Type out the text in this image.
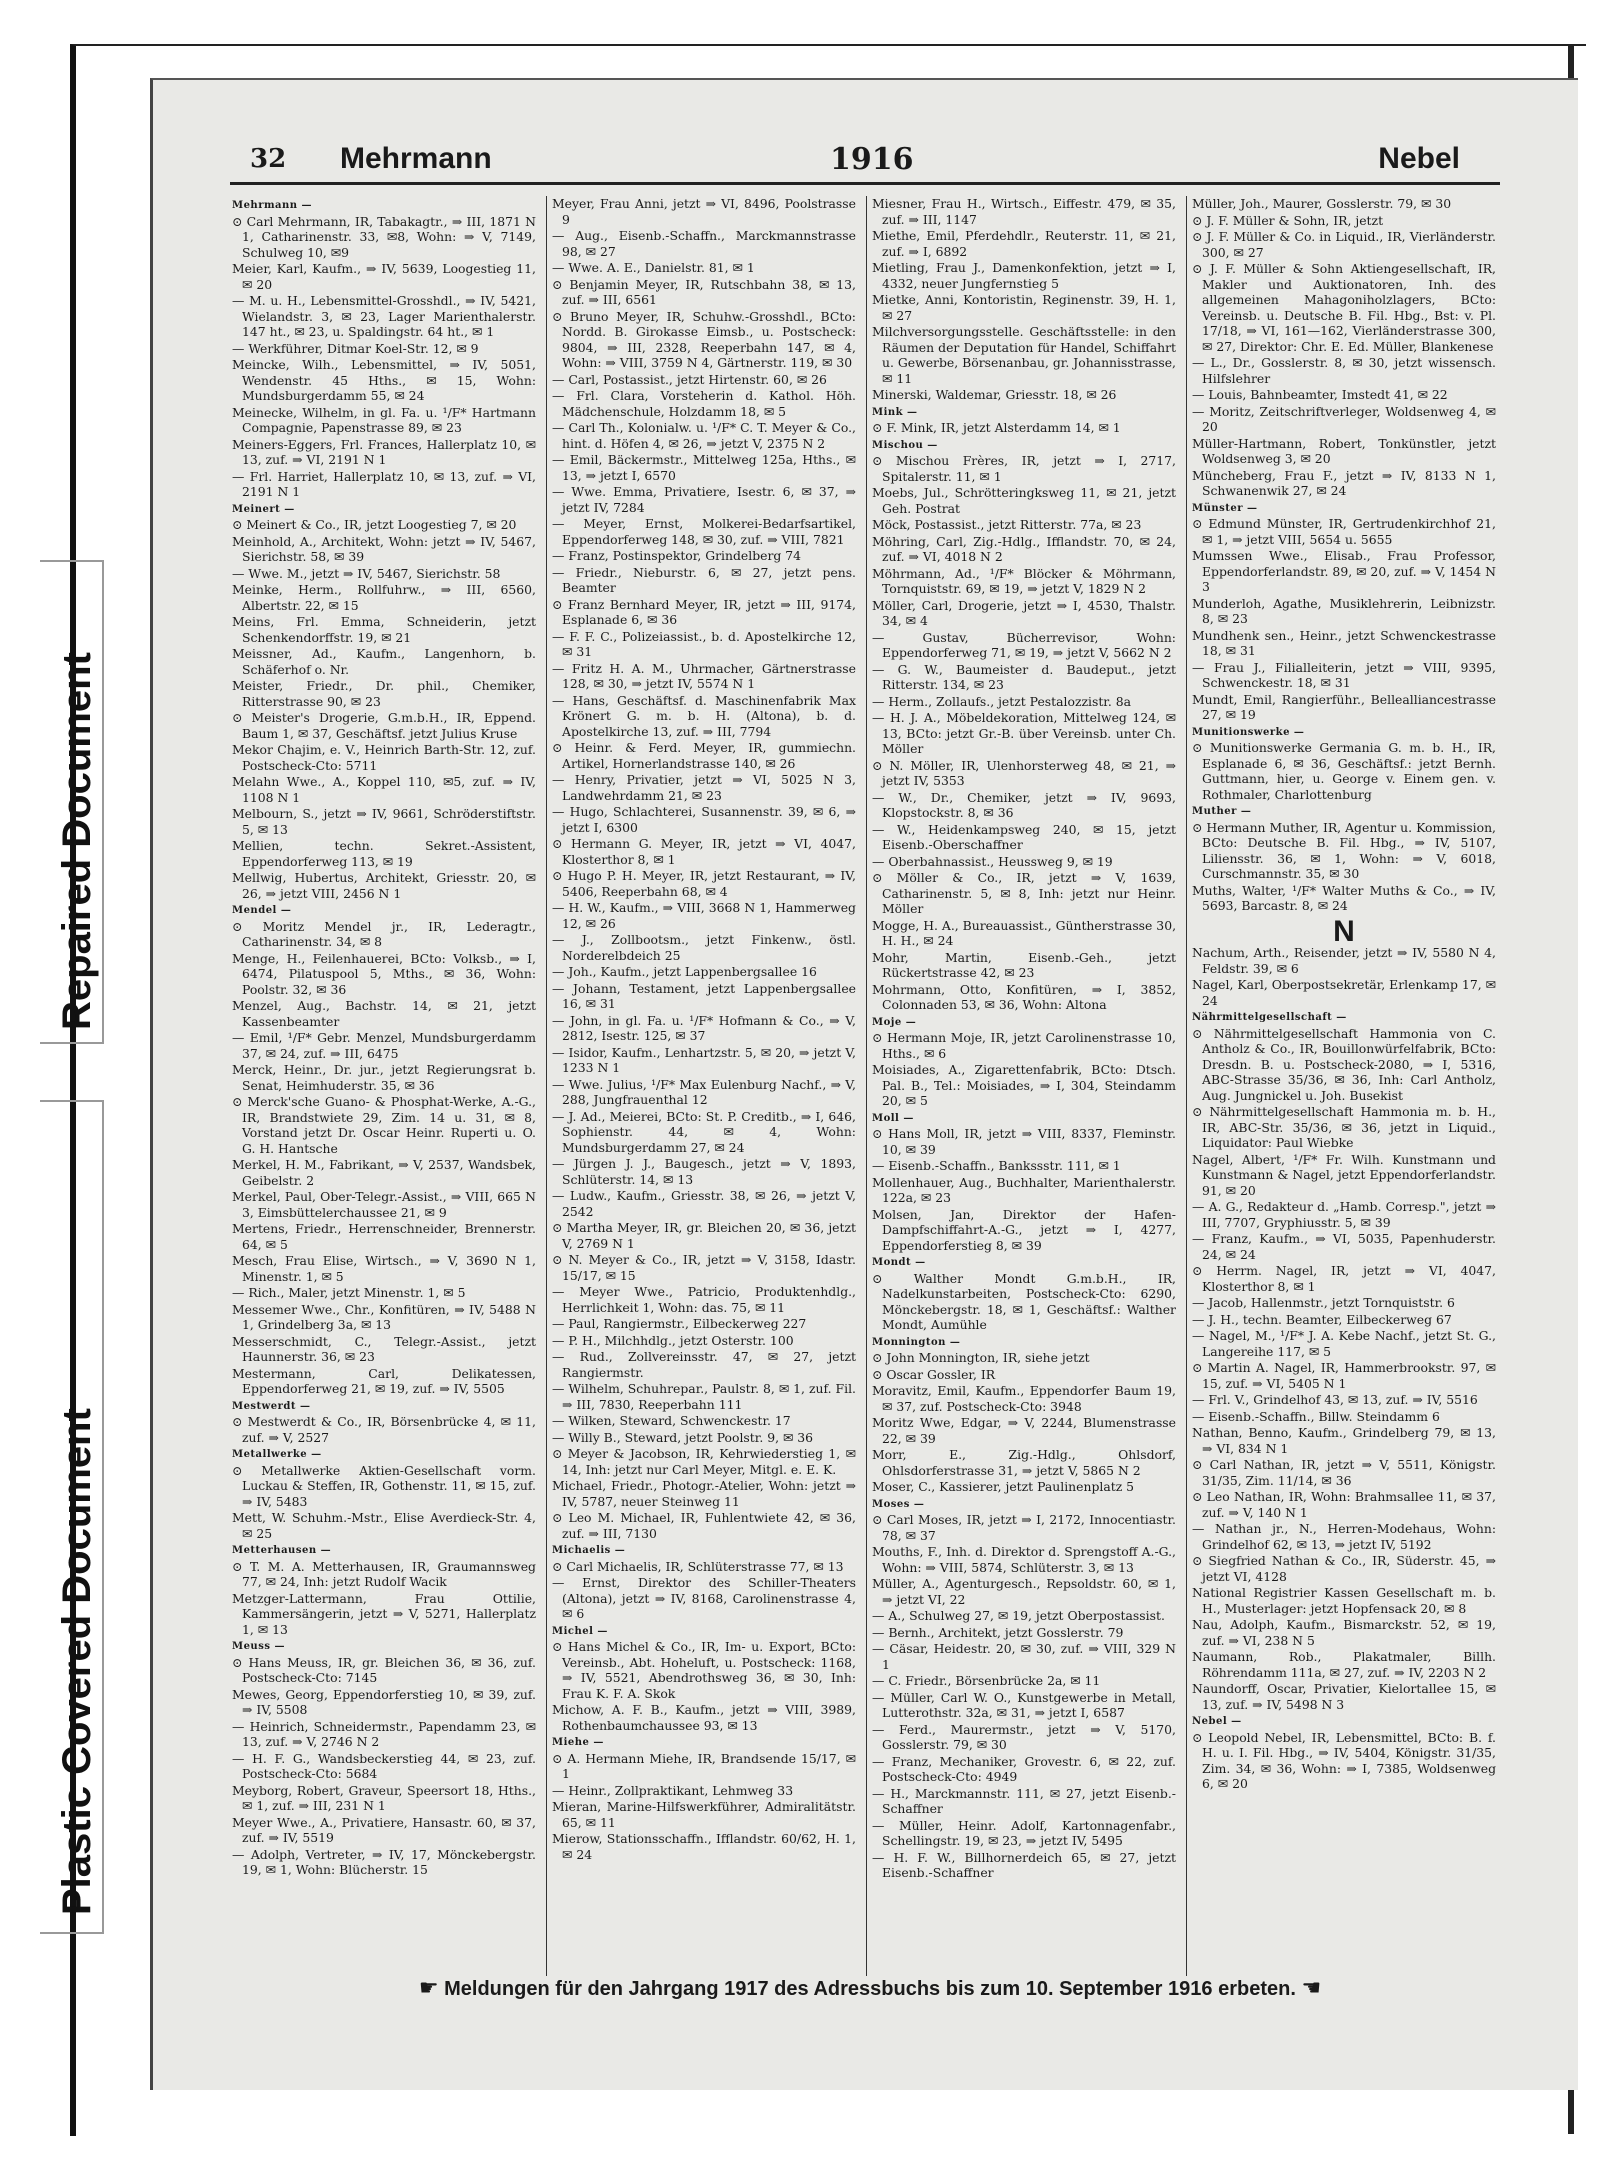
Plastic Covered Document
Repaired Document
32 Mehrmann	1916	Nebel
Mehrmann —
⊙ Carl Mehrmann, IR, Tabakagtr., ⇒ III, 1871 N 1, Catharinenstr. 33, ✉8, Wohn: ⇒ V, 7149, Schulweg 10, ✉9
Meier, Karl, Kaufm., ⇒ IV, 5639, Loogestieg 11, ✉ 20
— M. u. H., Lebensmittel-Grosshdl., ⇒ IV, 5421, Wielandstr. 3, ✉ 23, Lager Marienthalerstr. 147 ht., ✉ 23, u. Spaldingstr. 64 ht., ✉ 1
— Werkführer, Ditmar Koel-Str. 12, ✉ 9
Meincke, Wilh., Lebensmittel, ⇒ IV, 5051, Wendenstr. 45 Hths., ✉ 15, Wohn: Mundsburgerdamm 55, ✉ 24
Meinecke, Wilhelm, in gl. Fa. u. ¹/F* Hartmann Compagnie, Papenstrasse 89, ✉ 23
Meiners-Eggers, Frl. Frances, Hallerplatz 10, ✉ 13, zuf. ⇒ VI, 2191 N 1
— Frl. Harriet, Hallerplatz 10, ✉ 13, zuf. ⇒ VI, 2191 N 1
Meinert —
⊙ Meinert & Co., IR, jetzt Loogestieg 7, ✉ 20
Meinhold, A., Architekt, Wohn: jetzt ⇒ IV, 5467, Sierichstr. 58, ✉ 39
— Wwe. M., jetzt ⇒ IV, 5467, Sierichstr. 58
Meinke, Herm., Rollfuhrw., ⇒ III, 6560, Albertstr. 22, ✉ 15
Meins, Frl. Emma, Schneiderin, jetzt Schenkendorffstr. 19, ✉ 21
Meissner, Ad., Kaufm., Langenhorn, b. Schäferhof o. Nr.
Meister, Friedr., Dr. phil., Chemiker, Ritterstrasse 90, ✉ 23
⊙ Meister's Drogerie, G.m.b.H., IR, Eppend. Baum 1, ✉ 37, Geschäftsf. jetzt Julius Kruse
Mekor Chajim, e. V., Heinrich Barth-Str. 12, zuf. Postscheck-Cto: 5711
Melahn Wwe., A., Koppel 110, ✉5, zuf. ⇒ IV, 1108 N 1
Melbourn, S., jetzt ⇒ IV, 9661, Schröderstiftstr. 5, ✉ 13
Mellien, techn. Sekret.-Assistent, Eppendorferweg 113, ✉ 19
Mellwig, Hubertus, Architekt, Griesstr. 20, ✉ 26, ⇒ jetzt VIII, 2456 N 1
Mendel —
⊙ Moritz Mendel jr., IR, Lederagtr., Catharinenstr. 34, ✉ 8
Menge, H., Feilenhauerei, BCto: Volksb., ⇒ I, 6474, Pilatuspool 5, Mths., ✉ 36, Wohn: Poolstr. 32, ✉ 36
Menzel, Aug., Bachstr. 14, ✉ 21, jetzt Kassenbeamter
— Emil, ¹/F* Gebr. Menzel, Mundsburgerdamm 37, ✉ 24, zuf. ⇒ III, 6475
Merck, Heinr., Dr. jur., jetzt Regierungsrat b. Senat, Heimhuderstr. 35, ✉ 36
⊙ Merck'sche Guano- & Phosphat-Werke, A.-G., IR, Brandstwiete 29, Zim. 14 u. 31, ✉ 8, Vorstand jetzt Dr. Oscar Heinr. Ruperti u. O. G. H. Hantsche
Merkel, H. M., Fabrikant, ⇒ V, 2537, Wandsbek, Geibelstr. 2
Merkel, Paul, Ober-Telegr.-Assist., ⇒ VIII, 665 N 3, Eimsbüttelerchaussee 21, ✉ 9
Mertens, Friedr., Herrenschneider, Brennerstr. 64, ✉ 5
Mesch, Frau Elise, Wirtsch., ⇒ V, 3690 N 1, Minenstr. 1, ✉ 5
— Rich., Maler, jetzt Minenstr. 1, ✉ 5
Messemer Wwe., Chr., Konfitüren, ⇒ IV, 5488 N 1, Grindelberg 3a, ✉ 13
Messerschmidt, C., Telegr.-Assist., jetzt Haunnerstr. 36, ✉ 23
Mestermann, Carl, Delikatessen, Eppendorferweg 21, ✉ 19, zuf. ⇒ IV, 5505
Mestwerdt —
⊙ Mestwerdt & Co., IR, Börsenbrücke 4, ✉ 11, zuf. ⇒ V, 2527
Metallwerke —
⊙ Metallwerke Aktien-Gesellschaft vorm. Luckau & Steffen, IR, Gothenstr. 11, ✉ 15, zuf. ⇒ IV, 5483
Mett, W. Schuhm.-Mstr., Elise Averdieck-Str. 4, ✉ 25
Metterhausen —
⊙ T. M. A. Metterhausen, IR, Graumannsweg 77, ✉ 24, Inh: jetzt Rudolf Wacik
Metzger-Lattermann, Frau Ottilie, Kammersängerin, jetzt ⇒ V, 5271, Hallerplatz 1, ✉ 13
Meuss —
⊙ Hans Meuss, IR, gr. Bleichen 36, ✉ 36, zuf. Postscheck-Cto: 7145
Mewes, Georg, Eppendorferstieg 10, ✉ 39, zuf. ⇒ IV, 5508
— Heinrich, Schneidermstr., Papendamm 23, ✉ 13, zuf. ⇒ V, 2746 N 2
— H. F. G., Wandsbeckerstieg 44, ✉ 23, zuf. Postscheck-Cto: 5684
Meyborg, Robert, Graveur, Speersort 18, Hths., ✉ 1, zuf. ⇒ III, 231 N 1
Meyer Wwe., A., Privatiere, Hansastr. 60, ✉ 37, zuf. ⇒ IV, 5519
— Adolph, Vertreter, ⇒ IV, 17, Mönckebergstr. 19, ✉ 1, Wohn: Blücherstr. 15
Meyer, Frau Anni, jetzt ⇒ VI, 8496, Poolstrasse 9
— Aug., Eisenb.-Schaffn., Marckmannstrasse 98, ✉ 27
— Wwe. A. E., Danielstr. 81, ✉ 1
⊙ Benjamin Meyer, IR, Rutschbahn 38, ✉ 13, zuf. ⇒ III, 6561
⊙ Bruno Meyer, IR, Schuhw.-Grosshdl., BCto: Nordd. B. Girokasse Eimsb., u. Postscheck: 9804, ⇒ III, 2328, Reeperbahn 147, ✉ 4, Wohn: ⇒ VIII, 3759 N 4, Gärtnerstr. 119, ✉ 30
— Carl, Postassist., jetzt Hirtenstr. 60, ✉ 26
— Frl. Clara, Vorsteherin d. Kathol. Höh. Mädchenschule, Holzdamm 18, ✉ 5
— Carl Th., Kolonialw. u. ¹/F* C. T. Meyer & Co., hint. d. Höfen 4, ✉ 26, ⇒ jetzt V, 2375 N 2
— Emil, Bäckermstr., Mittelweg 125a, Hths., ✉ 13, ⇒ jetzt I, 6570
— Wwe. Emma, Privatiere, Isestr. 6, ✉ 37, ⇒ jetzt IV, 7284
— Meyer, Ernst, Molkerei-Bedarfsartikel, Eppendorferweg 148, ✉ 30, zuf. ⇒ VIII, 7821
— Franz, Postinspektor, Grindelberg 74
— Friedr., Nieburstr. 6, ✉ 27, jetzt pens. Beamter
⊙ Franz Bernhard Meyer, IR, jetzt ⇒ III, 9174, Esplanade 6, ✉ 36
— F. F. C., Polizeiassist., b. d. Apostelkirche 12, ✉ 31
— Fritz H. A. M., Uhrmacher, Gärtnerstrasse 128, ✉ 30, ⇒ jetzt IV, 5574 N 1
— Hans, Geschäftsf. d. Maschinenfabrik Max Krönert G. m. b. H. (Altona), b. d. Apostelkirche 13, zuf. ⇒ III, 7794
⊙ Heinr. & Ferd. Meyer, IR, gummiechn. Artikel, Hornerlandstrasse 140, ✉ 26
— Henry, Privatier, jetzt ⇒ VI, 5025 N 3, Landwehrdamm 21, ✉ 23
— Hugo, Schlachterei, Susannenstr. 39, ✉ 6, ⇒ jetzt I, 6300
⊙ Hermann G. Meyer, IR, jetzt ⇒ VI, 4047, Klosterthor 8, ✉ 1
⊙ Hugo P. H. Meyer, IR, jetzt Restaurant, ⇒ IV, 5406, Reeperbahn 68, ✉ 4
— H. W., Kaufm., ⇒ VIII, 3668 N 1, Hammerweg 12, ✉ 26
— J., Zollbootsm., jetzt Finkenw., östl. Norderelbdeich 25
— Joh., Kaufm., jetzt Lappenbergsallee 16
— Johann, Testament, jetzt Lappenbergsallee 16, ✉ 31
— John, in gl. Fa. u. ¹/F* Hofmann & Co., ⇒ V, 2812, Isestr. 125, ✉ 37
— Isidor, Kaufm., Lenhartzstr. 5, ✉ 20, ⇒ jetzt V, 1233 N 1
— Wwe. Julius, ¹/F* Max Eulenburg Nachf., ⇒ V, 288, Jungfrauenthal 12
— J. Ad., Meierei, BCto: St. P. Creditb., ⇒ I, 646, Sophienstr. 44, ✉ 4, Wohn: Mundsburgerdamm 27, ✉ 24
— Jürgen J. J., Baugesch., jetzt ⇒ V, 1893, Schlüterstr. 14, ✉ 13
— Ludw., Kaufm., Griesstr. 38, ✉ 26, ⇒ jetzt V, 2542
⊙ Martha Meyer, IR, gr. Bleichen 20, ✉ 36, jetzt V, 2769 N 1
⊙ N. Meyer & Co., IR, jetzt ⇒ V, 3158, Idastr. 15/17, ✉ 15
— Meyer Wwe., Patricio, Produktenhdlg., Herrlichkeit 1, Wohn: das. 75, ✉ 11
— Paul, Rangiermstr., Eilbeckerweg 227
— P. H., Milchhdlg., jetzt Osterstr. 100
— Rud., Zollvereinsstr. 47, ✉ 27, jetzt Rangiermstr.
— Wilhelm, Schuhrepar., Paulstr. 8, ✉ 1, zuf. Fil. ⇒ III, 7830, Reeperbahn 111
— Wilken, Steward, Schwenckestr. 17
— Willy B., Steward, jetzt Poolstr. 9, ✉ 36
⊙ Meyer & Jacobson, IR, Kehrwiederstieg 1, ✉ 14, Inh: jetzt nur Carl Meyer, Mitgl. e. E. K.
Michael, Friedr., Photogr.-Atelier, Wohn: jetzt ⇒ IV, 5787, neuer Steinweg 11
⊙ Leo M. Michael, IR, Fuhlentwiete 42, ✉ 36, zuf. ⇒ III, 7130
Michaelis —
⊙ Carl Michaelis, IR, Schlüterstrasse 77, ✉ 13
— Ernst, Direktor des Schiller-Theaters (Altona), jetzt ⇒ IV, 8168, Carolinenstrasse 4, ✉ 6
Michel —
⊙ Hans Michel & Co., IR, Im- u. Export, BCto: Vereinsb., Abt. Hoheluft, u. Postscheck: 1168, ⇒ IV, 5521, Abendrothsweg 36, ✉ 30, Inh: Frau K. F. A. Skok
Michow, A. F. B., Kaufm., jetzt ⇒ VIII, 3989, Rothenbaumchaussee 93, ✉ 13
Miehe —
⊙ A. Hermann Miehe, IR, Brandsende 15/17, ✉ 1
— Heinr., Zollpraktikant, Lehmweg 33
Mieran, Marine-Hilfswerkführer, Admiralitätstr. 65, ✉ 11
Mierow, Stationsschaffn., Ifflandstr. 60/62, H. 1, ✉ 24
Miesner, Frau H., Wirtsch., Eiffestr. 479, ✉ 35, zuf. ⇒ III, 1147
Miethe, Emil, Pferdehdlr., Reuterstr. 11, ✉ 21, zuf. ⇒ I, 6892
Mietling, Frau J., Damenkonfektion, jetzt ⇒ I, 4332, neuer Jungfernstieg 5
Mietke, Anni, Kontoristin, Reginenstr. 39, H. 1, ✉ 27
Milchversorgungsstelle. Geschäftsstelle: in den Räumen der Deputation für Handel, Schiffahrt u. Gewerbe, Börsenanbau, gr. Johannisstrasse, ✉ 11
Minerski, Waldemar, Griesstr. 18, ✉ 26
Mink —
⊙ F. Mink, IR, jetzt Alsterdamm 14, ✉ 1
Mischou —
⊙ Mischou Frères, IR, jetzt ⇒ I, 2717, Spitalerstr. 11, ✉ 1
Moebs, Jul., Schrötteringksweg 11, ✉ 21, jetzt Geh. Postrat
Möck, Postassist., jetzt Ritterstr. 77a, ✉ 23
Möhring, Carl, Zig.-Hdlg., Ifflandstr. 70, ✉ 24, zuf. ⇒ VI, 4018 N 2
Möhrmann, Ad., ¹/F* Blöcker & Möhrmann, Tornquiststr. 69, ✉ 19, ⇒ jetzt V, 1829 N 2
Möller, Carl, Drogerie, jetzt ⇒ I, 4530, Thalstr. 34, ✉ 4
— Gustav, Bücherrevisor, Wohn: Eppendorferweg 71, ✉ 19, ⇒ jetzt V, 5662 N 2
— G. W., Baumeister d. Baudeput., jetzt Ritterstr. 134, ✉ 23
— Herm., Zollaufs., jetzt Pestalozzistr. 8a
— H. J. A., Möbeldekoration, Mittelweg 124, ✉ 13, BCto: jetzt Gr.-B. über Vereinsb. unter Ch. Möller
⊙ N. Möller, IR, Ulenhorsterweg 48, ✉ 21, ⇒ jetzt IV, 5353
— W., Dr., Chemiker, jetzt ⇒ IV, 9693, Klopstockstr. 8, ✉ 36
— W., Heidenkampsweg 240, ✉ 15, jetzt Eisenb.-Oberschaffner
— Oberbahnassist., Heussweg 9, ✉ 19
⊙ Möller & Co., IR, jetzt ⇒ V, 1639, Catharinenstr. 5, ✉ 8, Inh: jetzt nur Heinr. Möller
Mogge, H. A., Bureauassist., Güntherstrasse 30, H. H., ✉ 24
Mohr, Martin, Eisenb.-Geh., jetzt Rückertstrasse 42, ✉ 23
Mohrmann, Otto, Konfitüren, ⇒ I, 3852, Colonnaden 53, ✉ 36, Wohn: Altona
Moje —
⊙ Hermann Moje, IR, jetzt Carolinenstrasse 10, Hths., ✉ 6
Moisiades, A., Zigarettenfabrik, BCto: Dtsch. Pal. B., Tel.: Moisiades, ⇒ I, 304, Steindamm 20, ✉ 5
Moll —
⊙ Hans Moll, IR, jetzt ⇒ VIII, 8337, Fleminstr. 10, ✉ 39
— Eisenb.-Schaffn., Bankssstr. 111, ✉ 1
Mollenhauer, Aug., Buchhalter, Marienthalerstr. 122a, ✉ 23
Molsen, Jan, Direktor der Hafen-Dampfschiffahrt-A.-G., jetzt ⇒ I, 4277, Eppendorferstieg 8, ✉ 39
Mondt —
⊙ Walther Mondt G.m.b.H., IR, Nadelkunstarbeiten, Postscheck-Cto: 6290, Mönckebergstr. 18, ✉ 1, Geschäftsf.: Walther Mondt, Aumühle
Monnington —
⊙ John Monnington, IR, siehe jetzt
⊙ Oscar Gossler, IR
Moravitz, Emil, Kaufm., Eppendorfer Baum 19, ✉ 37, zuf. Postscheck-Cto: 3948
Moritz Wwe, Edgar, ⇒ V, 2244, Blumenstrasse 22, ✉ 39
Morr, E., Zig.-Hdlg., Ohlsdorf, Ohlsdorferstrasse 31, ⇒ jetzt V, 5865 N 2
Moser, C., Kassierer, jetzt Paulinenplatz 5
Moses —
⊙ Carl Moses, IR, jetzt ⇒ I, 2172, Innocentiastr. 78, ✉ 37
Mouths, F., Inh. d. Direktor d. Sprengstoff A.-G., Wohn: ⇒ VIII, 5874, Schlüterstr. 3, ✉ 13
Müller, A., Agenturgesch., Repsoldstr. 60, ✉ 1, ⇒ jetzt VI, 22
— A., Schulweg 27, ✉ 19, jetzt Oberpostassist.
— Bernh., Architekt, jetzt Gosslerstr. 79
— Cäsar, Heidestr. 20, ✉ 30, zuf. ⇒ VIII, 329 N 1
— C. Friedr., Börsenbrücke 2a, ✉ 11
— Müller, Carl W. O., Kunstgewerbe in Metall, Lutterothstr. 32a, ✉ 31, ⇒ jetzt I, 6587
— Ferd., Maurermstr., jetzt ⇒ V, 5170, Gosslerstr. 79, ✉ 30
— Franz, Mechaniker, Grovestr. 6, ✉ 22, zuf. Postscheck-Cto: 4949
— H., Marckmannstr. 111, ✉ 27, jetzt Eisenb.-Schaffner
— Müller, Heinr. Adolf, Kartonnagenfabr., Schellingstr. 19, ✉ 23, ⇒ jetzt IV, 5495
— H. F. W., Billhornerdeich 65, ✉ 27, jetzt Eisenb.-Schaffner
Müller, Joh., Maurer, Gosslerstr. 79, ✉ 30
⊙ J. F. Müller & Sohn, IR, jetzt
⊙ J. F. Müller & Co. in Liquid., IR, Vierländerstr. 300, ✉ 27
⊙ J. F. Müller & Sohn Aktiengesellschaft, IR, Makler und Auktionatoren, Inh. des allgemeinen Mahagoniholzlagers, BCto: Vereinsb. u. Deutsche B. Fil. Hbg., Bst: v. Pl. 17/18, ⇒ VI, 161—162, Vierländerstrasse 300, ✉ 27, Direktor: Chr. E. Ed. Müller, Blankenese
— L., Dr., Gosslerstr. 8, ✉ 30, jetzt wissensch. Hilfslehrer
— Louis, Bahnbeamter, Imstedt 41, ✉ 22
— Moritz, Zeitschriftverleger, Woldsenweg 4, ✉ 20
Müller-Hartmann, Robert, Tonkünstler, jetzt Woldsenweg 3, ✉ 20
Müncheberg, Frau F., jetzt ⇒ IV, 8133 N 1, Schwanenwik 27, ✉ 24
Münster —
⊙ Edmund Münster, IR, Gertrudenkirchhof 21, ✉ 1, ⇒ jetzt VIII, 5654 u. 5655
Mumssen Wwe., Elisab., Frau Professor, Eppendorferlandstr. 89, ✉ 20, zuf. ⇒ V, 1454 N 3
Munderloh, Agathe, Musiklehrerin, Leibnizstr. 8, ✉ 23
Mundhenk sen., Heinr., jetzt Schwenckestrasse 18, ✉ 31
— Frau J., Filialleiterin, jetzt ⇒ VIII, 9395, Schwenckestr. 18, ✉ 31
Mundt, Emil, Rangierführ., Bellealliancestrasse 27, ✉ 19
Munitionswerke —
⊙ Munitionswerke Germania G. m. b. H., IR, Esplanade 6, ✉ 36, Geschäftsf.: jetzt Bernh. Guttmann, hier, u. George v. Einem gen. v. Rothmaler, Charlottenburg
Muther —
⊙ Hermann Muther, IR, Agentur u. Kommission, BCto: Deutsche B. Fil. Hbg., ⇒ IV, 5107, Liliensstr. 36, ✉ 1, Wohn: ⇒ V, 6018, Curschmannstr. 35, ✉ 30
Muths, Walter, ¹/F* Walter Muths & Co., ⇒ IV, 5693, Barcastr. 8, ✉ 24
N
Nachum, Arth., Reisender, jetzt ⇒ IV, 5580 N 4, Feldstr. 39, ✉ 6
Nagel, Karl, Oberpostsekretär, Erlenkamp 17, ✉ 24
Nährmittelgesellschaft —
⊙ Nährmittelgesellschaft Hammonia von C. Antholz & Co., IR, Bouillonwürfelfabrik, BCto: Dresdn. B. u. Postscheck-2080, ⇒ I, 5316, ABC-Strasse 35/36, ✉ 36, Inh: Carl Antholz, Aug. Jungnickel u. Joh. Busekist
⊙ Nährmittelgesellschaft Hammonia m. b. H., IR, ABC-Str. 35/36, ✉ 36, jetzt in Liquid., Liquidator: Paul Wiebke
Nagel, Albert, ¹/F* Fr. Wilh. Kunstmann und Kunstmann & Nagel, jetzt Eppendorferlandstr. 91, ✉ 20
— A. G., Redakteur d. „Hamb. Corresp.", jetzt ⇒ III, 7707, Gryphiusstr. 5, ✉ 39
— Franz, Kaufm., ⇒ VI, 5035, Papenhuderstr. 24, ✉ 24
⊙ Herrm. Nagel, IR, jetzt ⇒ VI, 4047, Klosterthor 8, ✉ 1
— Jacob, Hallenmstr., jetzt Tornquiststr. 6
— J. H., techn. Beamter, Eilbeckerweg 67
— Nagel, M., ¹/F* J. A. Kebe Nachf., jetzt St. G., Langereihe 117, ✉ 5
⊙ Martin A. Nagel, IR, Hammerbrookstr. 97, ✉ 15, zuf. ⇒ VI, 5405 N 1
— Frl. V., Grindelhof 43, ✉ 13, zuf. ⇒ IV, 5516
— Eisenb.-Schaffn., Billw. Steindamm 6
Nathan, Benno, Kaufm., Grindelberg 79, ✉ 13, ⇒ VI, 834 N 1
⊙ Carl Nathan, IR, jetzt ⇒ V, 5511, Königstr. 31/35, Zim. 11/14, ✉ 36
⊙ Leo Nathan, IR, Wohn: Brahmsallee 11, ✉ 37, zuf. ⇒ V, 140 N 1
— Nathan jr., N., Herren-Modehaus, Wohn: Grindelhof 62, ✉ 13, ⇒ jetzt IV, 5192
⊙ Siegfried Nathan & Co., IR, Süderstr. 45, ⇒ jetzt VI, 4128
National Registrier Kassen Gesellschaft m. b. H., Musterlager: jetzt Hopfensack 20, ✉ 8
Nau, Adolph, Kaufm., Bismarckstr. 52, ✉ 19, zuf. ⇒ VI, 238 N 5
Naumann, Rob., Plakatmaler, Billh. Röhrendamm 111a, ✉ 27, zuf. ⇒ IV, 2203 N 2
Naundorff, Oscar, Privatier, Kielortallee 15, ✉ 13, zuf. ⇒ IV, 5498 N 3
Nebel —
⊙ Leopold Nebel, IR, Lebensmittel, BCto: B. f. H. u. I. Fil. Hbg., ⇒ IV, 5404, Königstr. 31/35, Zim. 34, ✉ 36, Wohn: ⇒ I, 7385, Woldsenweg 6, ✉ 20
☛ Meldungen für den Jahrgang 1917 des Adressbuchs bis zum 10. September 1916 erbeten. ☚
